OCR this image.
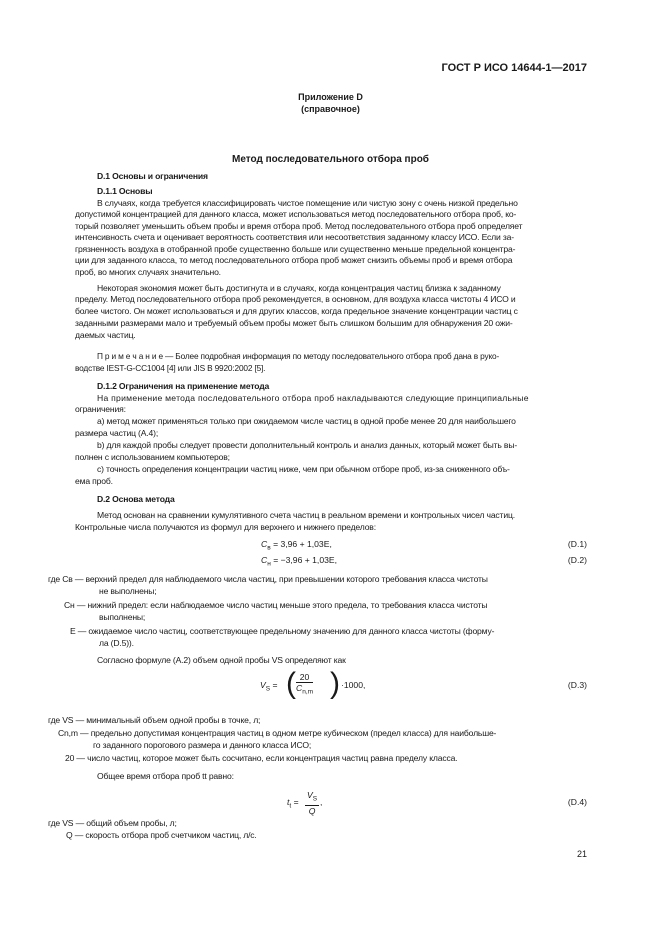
ГОСТ Р ИСО 14644-1—2017
Приложение D
(справочное)
Метод последовательного отбора проб
D.1 Основы и ограничения
D.1.1 Основы
В случаях, когда требуется классифицировать чистое помещение или чистую зону с очень низкой предельно
допустимой концентрацией для данного класса, может использоваться метод последовательного отбора проб, ко-
торый позволяет уменьшить объем пробы и время отбора проб. Метод последовательного отбора проб определяет
интенсивность счета и оценивает вероятность соответствия или несоответствия заданному классу ИСО. Если за-
грязненность воздуха в отобранной пробе существенно больше или существенно меньше предельной концентра-
ции для заданного класса, то метод последовательного отбора проб может снизить объемы проб и время отбора
проб, во многих случаях значительно.
Некоторая экономия может быть достигнута и в случаях, когда концентрация частиц близка к заданному
пределу. Метод последовательного отбора проб рекомендуется, в основном, для воздуха класса чистоты 4 ИСО и
более чистого. Он может использоваться и для других классов, когда предельное значение концентрации частиц с
заданными размерами мало и требуемый объем пробы может быть слишком большим для обнаружения 20 ожи-
даемых частиц.
П р и м е ч а н и е — Более подробная информация по методу последовательного отбора проб дана в руко-
водстве IEST-G-CC1004 [4] или JIS B 9920:2002 [5].
D.1.2 Ограничения на применение метода
На применение метода последовательного отбора проб накладываются следующие принципиальные
ограничения:
а) метод может применяться только при ожидаемом числе частиц в одной пробе менее 20 для наибольшего
размера частиц (А.4);
b) для каждой пробы следует провести дополнительный контроль и анализ данных, который может быть вы-
полнен с использованием компьютеров;
c) точность определения концентрации частиц ниже, чем при обычном отборе проб, из-за сниженного объ-
ема проб.
D.2 Основа метода
Метод основан на сравнении кумулятивного счета частиц в реальном времени и контрольных чисел частиц.
Контрольные числа получаются из формул для верхнего и нижнего пределов:
$C_в = 3,96 + 1,03E$,	(D.1)
$C_н = -3,96 + 1,03E$,	(D.2)
где Cв — верхний предел для наблюдаемого числа частиц, при превышении которого требования класса чистоты
не выполнены;
Cн — нижний предел: если наблюдаемое число частиц меньше этого предела, то требования класса чистоты
выполнены;
E — ожидаемое число частиц, соответствующее предельному значению для данного класса чистоты (форму-
ла (D.5)).
Согласно формуле (А.2) объем одной пробы VS определяют как
$V_S$ = ( $\frac{20}{C_{n,m}}$ ) ·1000,	(D.3)
где VS — минимальный объем одной пробы в точке, л;
Cn,m — предельно допустимая концентрация частиц в одном метре кубическом (предел класса) для наибольше-
го заданного порогового размера и данного класса ИСО;
20 — число частиц, которое может быть сосчитано, если концентрация частиц равна пределу класса.
Общее время отбора проб tt равно:
$t_t = \frac{V_S}{Q}$ ,	(D.4)
где VS — общий объем пробы, л;
Q — скорость отбора проб счетчиком частиц, л/с.
21
